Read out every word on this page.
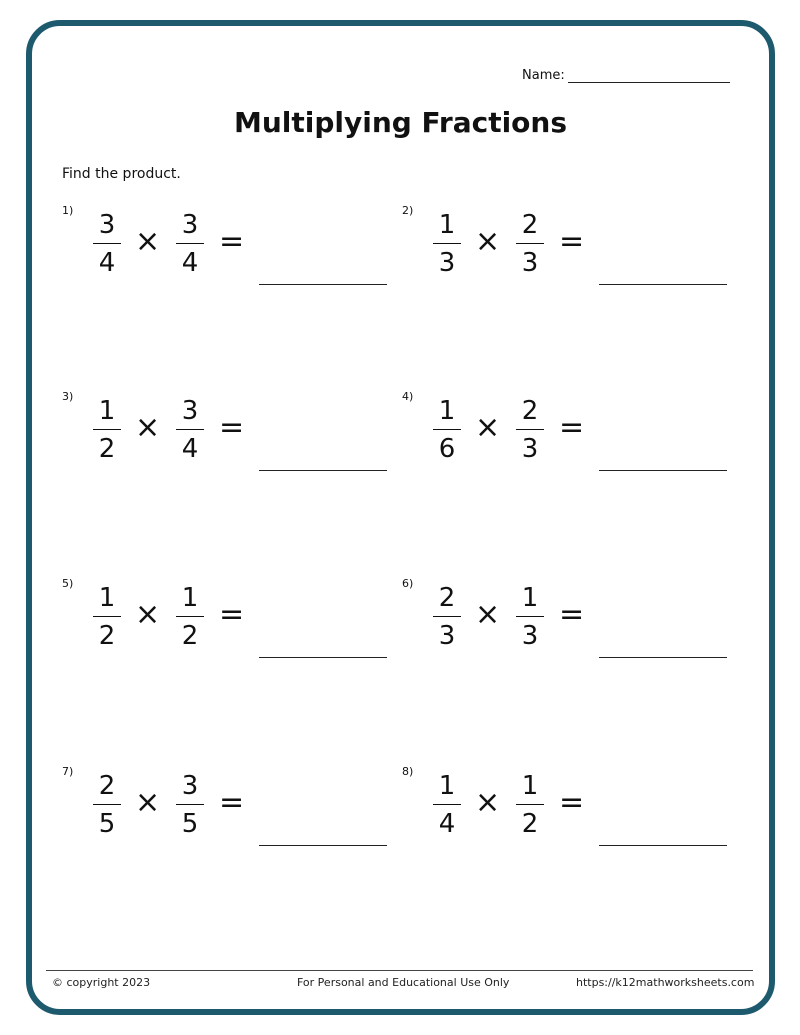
Name:
Multiplying Fractions
Find the product.
1) 3
4
× 3
4
=
2) 1
3
× 2
3
=
3) 1
2
× 3
4
=
4) 1
6
× 2
3
=
5) 1
2
× 1
2
=
6) 2
3
× 1
3
=
7) 2
5
× 3
5
=
8) 1
4
× 1
2
=
© copyright 2023	For Personal and Educational Use Only	https://k12mathworksheets.com
